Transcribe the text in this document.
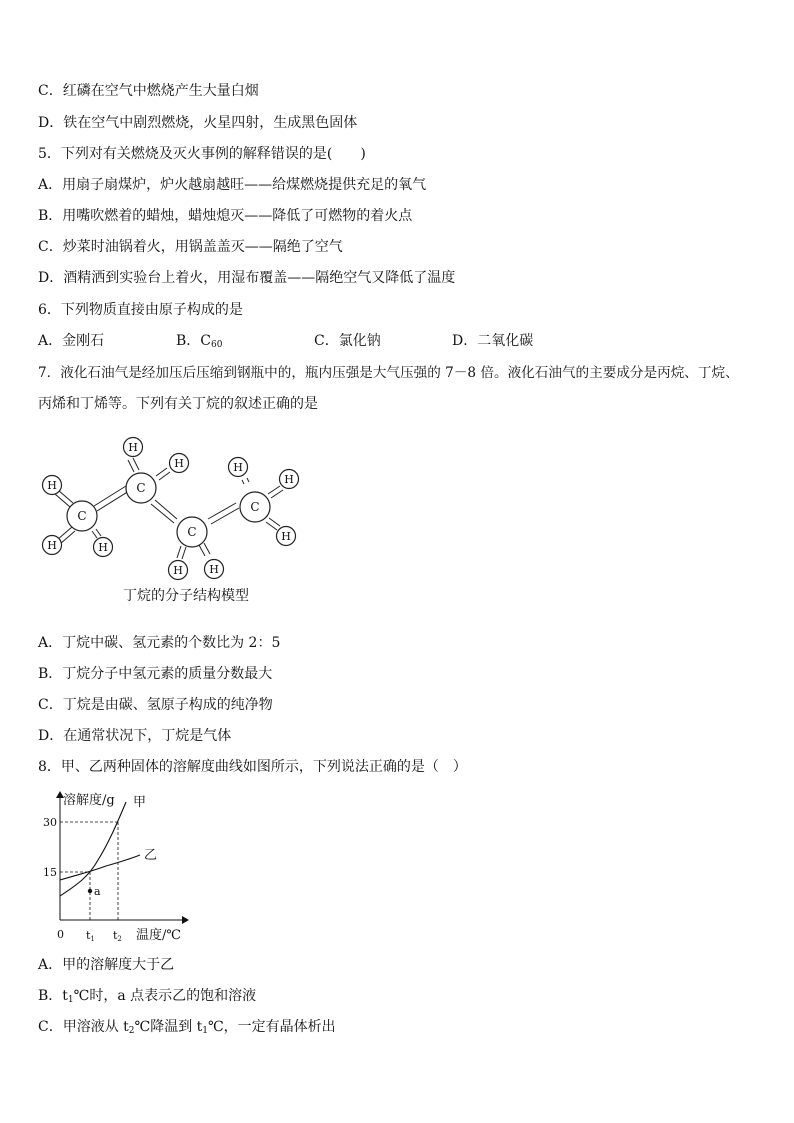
C．红磷在空气中燃烧产生大量白烟
D．铁在空气中剧烈燃烧，火星四射，生成黑色固体
5．下列对有关燃烧及灭火事例的解释错误的是(　　)
A．用扇子扇煤炉，炉火越扇越旺——给煤燃烧提供充足的氧气
B．用嘴吹燃着的蜡烛，蜡烛熄灭——降低了可燃物的着火点
C．炒菜时油锅着火，用锅盖盖灭——隔绝了空气
D．酒精洒到实验台上着火，用湿布覆盖——隔绝空气又降低了温度
6．下列物质直接由原子构成的是
A．金刚石	B．$C_{60}$	C．氯化钠	D．二氧化碳
7．液化石油气是经加压后压缩到钢瓶中的，瓶内压强是大气压强的 7－8 倍。液化石油气的主要成分是丙烷、丁烷、
丙烯和丁烯等。下列有关丁烷的叙述正确的是
C
C
C
C
H
H	H
H
H
H H
H
H
H
丁烷的分子结构模型
A．丁烷中碳、氢元素的个数比为 2：5
B．丁烷分子中氢元素的质量分数最大
C．丁烷是由碳、氢原子构成的纯净物
D．在通常状况下，丁烷是气体
8．甲、乙两种固体的溶解度曲线如图所示，下列说法正确的是（　）
溶解度/g 甲
乙
30
15
0
a
t1 t2 温度/℃
A．甲的溶解度大于乙
B．$t_1℃$时，a 点表示乙的饱和溶液
C．甲溶液从 $t_2℃$降温到 $t_1℃$，一定有晶体析出
